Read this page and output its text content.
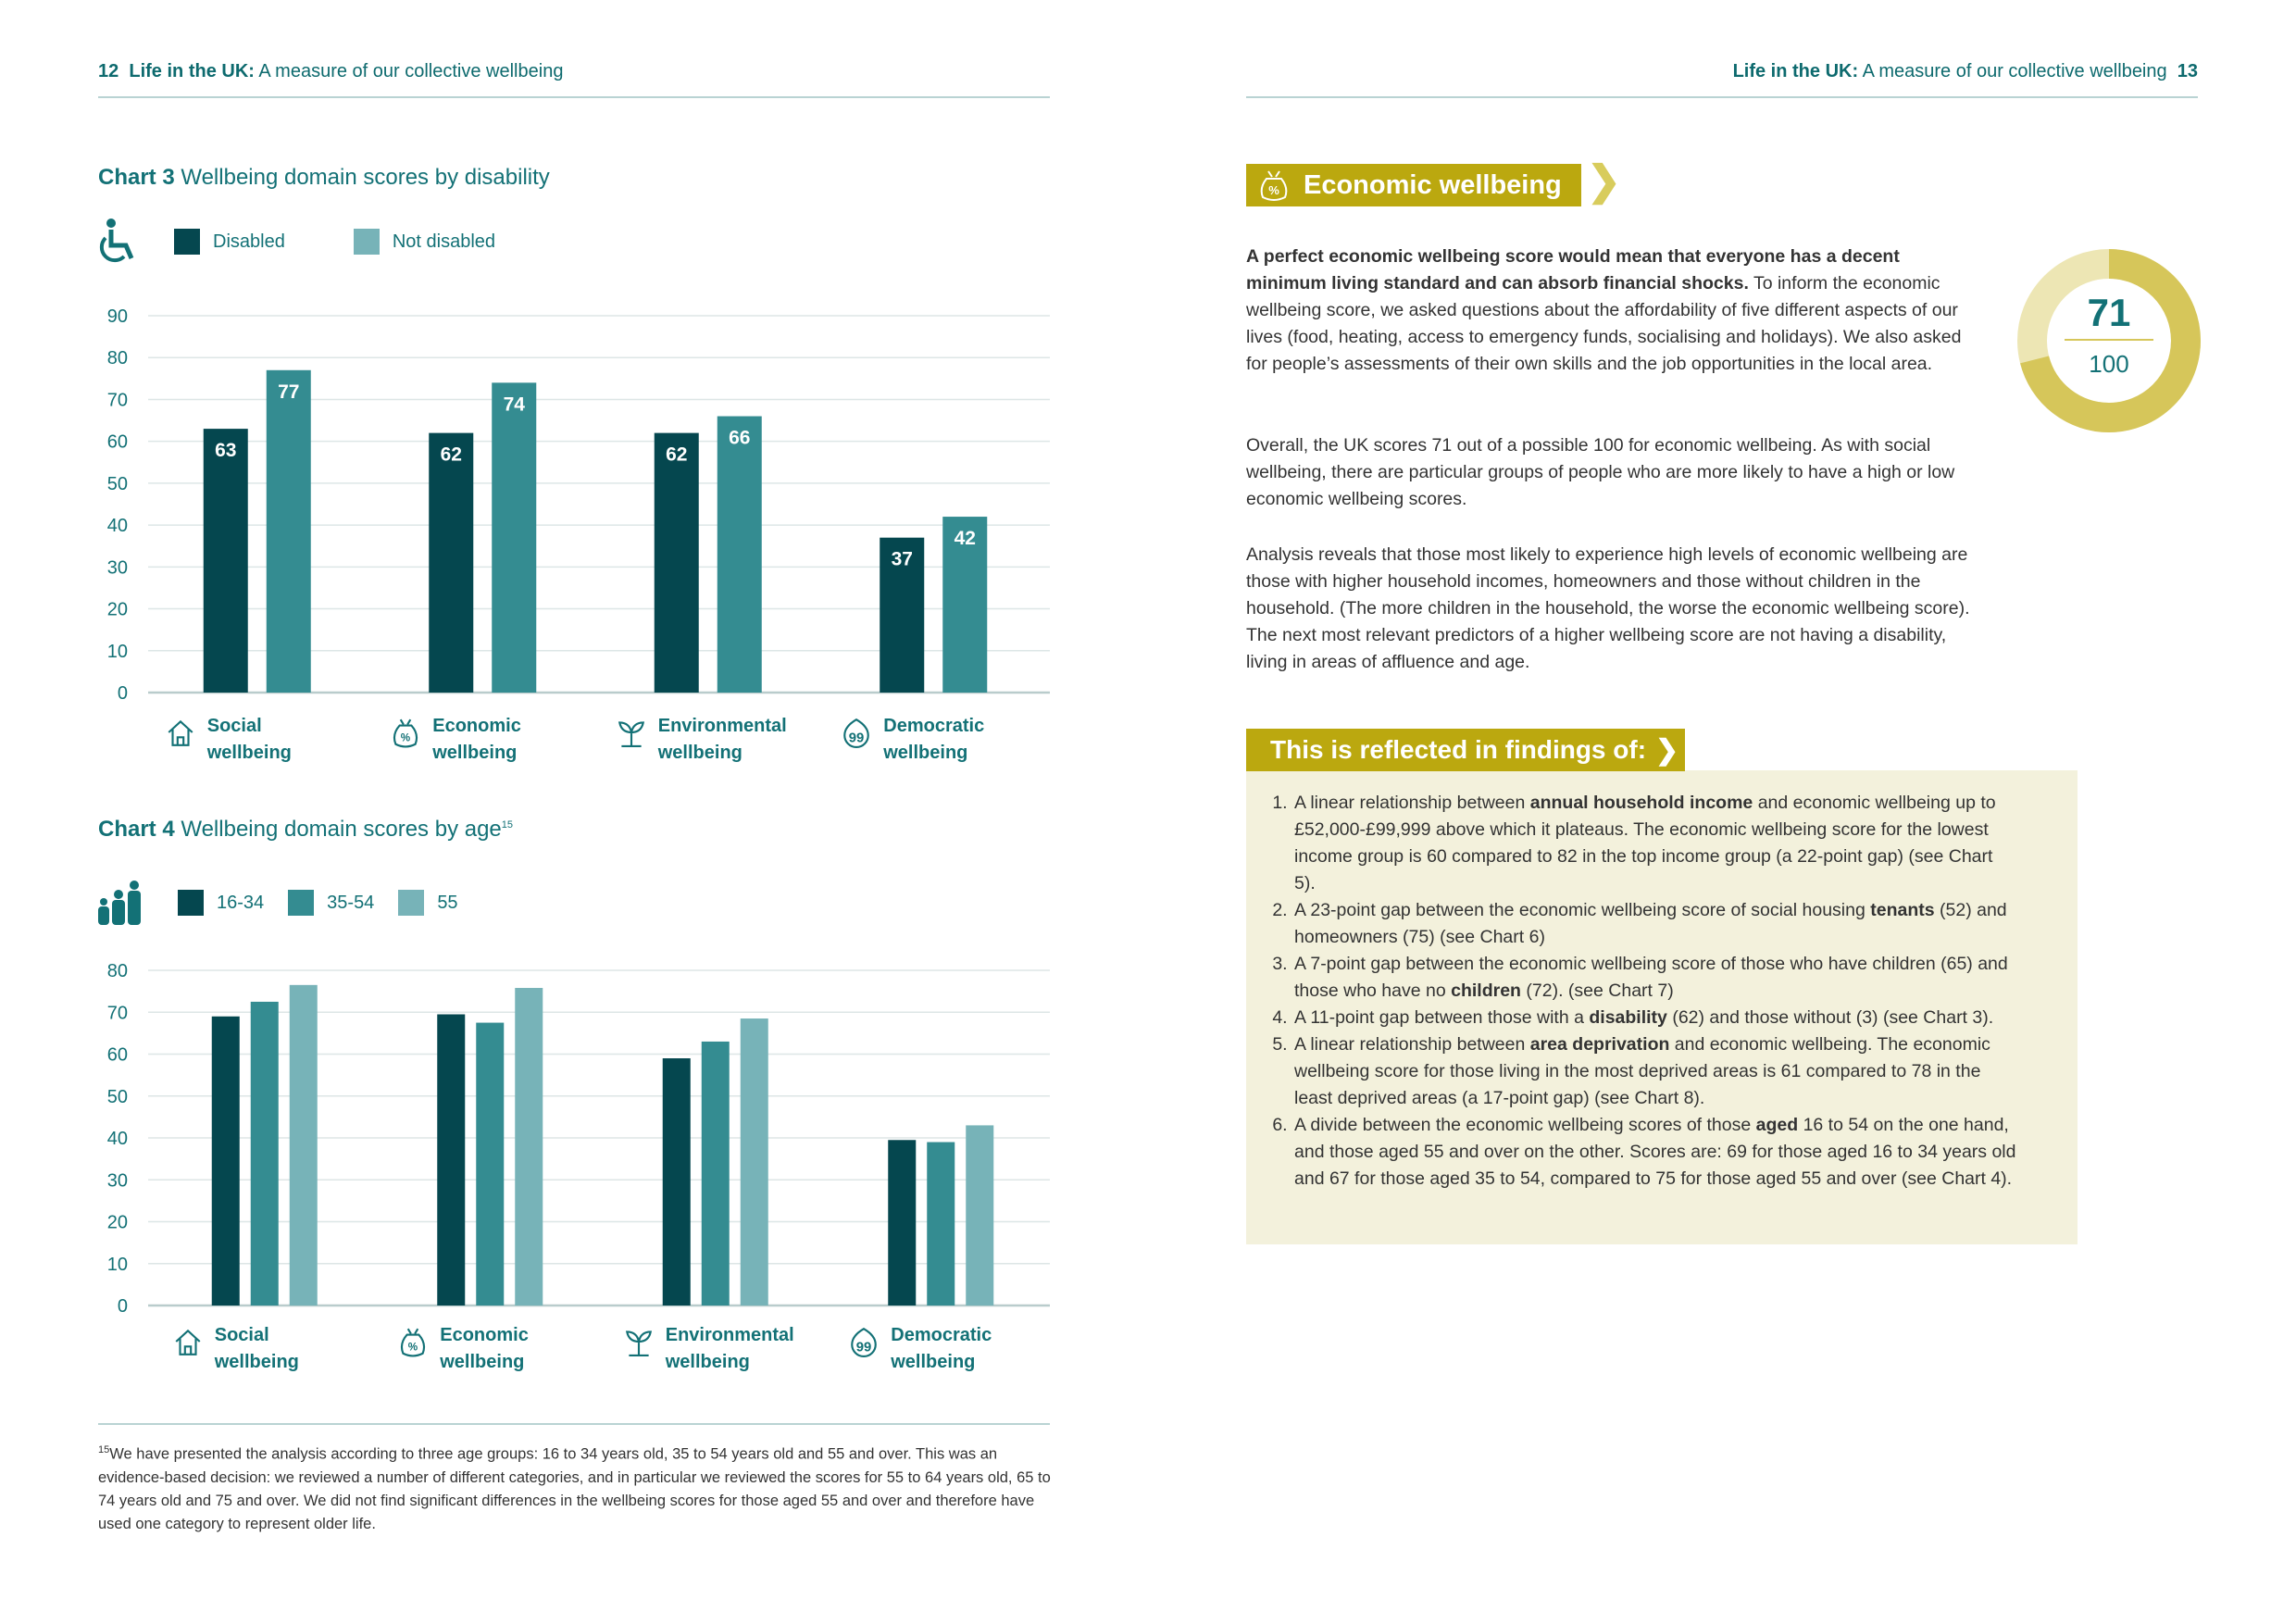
12 Life in the UK: A measure of our collective wellbeing	Life in the UK: A measure of our collective wellbeing 13
Chart 3 Wellbeing domain scores by disability
Disabled	Not disabled
0
10
20
30
40
50
60
70
80
90
63
77
62
74
62
66
37
42
Social wellbeing
%
Economic wellbeing
Environmental wellbeing
99
Democratic wellbeing
Chart 4 Wellbeing domain scores by age$^{15}$
16-34	35-54	55
0
10
20
30
40
50
60
70
80
Social wellbeing
%
Economic wellbeing
Environmental wellbeing
99
Democratic wellbeing
$^{15}$We have presented the analysis according to three age groups: 16 to 34 years old, 35 to 54 years old and 55 and over. This was an evidence-based decision: we reviewed a number of different categories, and in particular we reviewed the scores for 55 to 64 years old, 65 to 74 years old and 75 and over. We did not find significant differences in the wellbeing scores for those aged 55 and over and therefore have used one category to represent older life.
% Economic wellbeing ❯
A perfect economic wellbeing score would mean that everyone has a decent minimum living standard and can absorb financial shocks. To inform the economic wellbeing score, we asked questions about the affordability of five different aspects of our lives (food, heating, access to emergency funds, socialising and holidays). We also asked for people’s assessments of their own skills and the job opportunities in the local area.
Overall, the UK scores 71 out of a possible 100 for economic wellbeing. As with social wellbeing, there are particular groups of people who are more likely to have a high or low economic wellbeing scores.
Analysis reveals that those most likely to experience high levels of economic wellbeing are those with higher household incomes, homeowners and those without children in the household. (The more children in the household, the worse the economic wellbeing score). The next most relevant predictors of a higher wellbeing score are not having a disability, living in areas of affluence and age.
71
100
This is reflected in findings of: ❯
1. A linear relationship between annual household income and economic wellbeing up to £52,000-£99,999 above which it plateaus. The economic wellbeing score for the lowest income group is 60 compared to 82 in the top income group (a 22-point gap) (see Chart 5).
2. A 23-point gap between the economic wellbeing score of social housing tenants (52) and homeowners (75) (see Chart 6)
3. A 7-point gap between the economic wellbeing score of those who have children (65) and those who have no children (72). (see Chart 7)
4. A 11-point gap between those with a disability (62) and those without (3) (see Chart 3).
5. A linear relationship between area deprivation and economic wellbeing. The economic wellbeing score for those living in the most deprived areas is 61 compared to 78 in the least deprived areas (a 17-point gap) (see Chart 8).
6. A divide between the economic wellbeing scores of those aged 16 to 54 on the one hand, and those aged 55 and over on the other. Scores are: 69 for those aged 16 to 34 years old and 67 for those aged 35 to 54, compared to 75 for those aged 55 and over (see Chart 4).
